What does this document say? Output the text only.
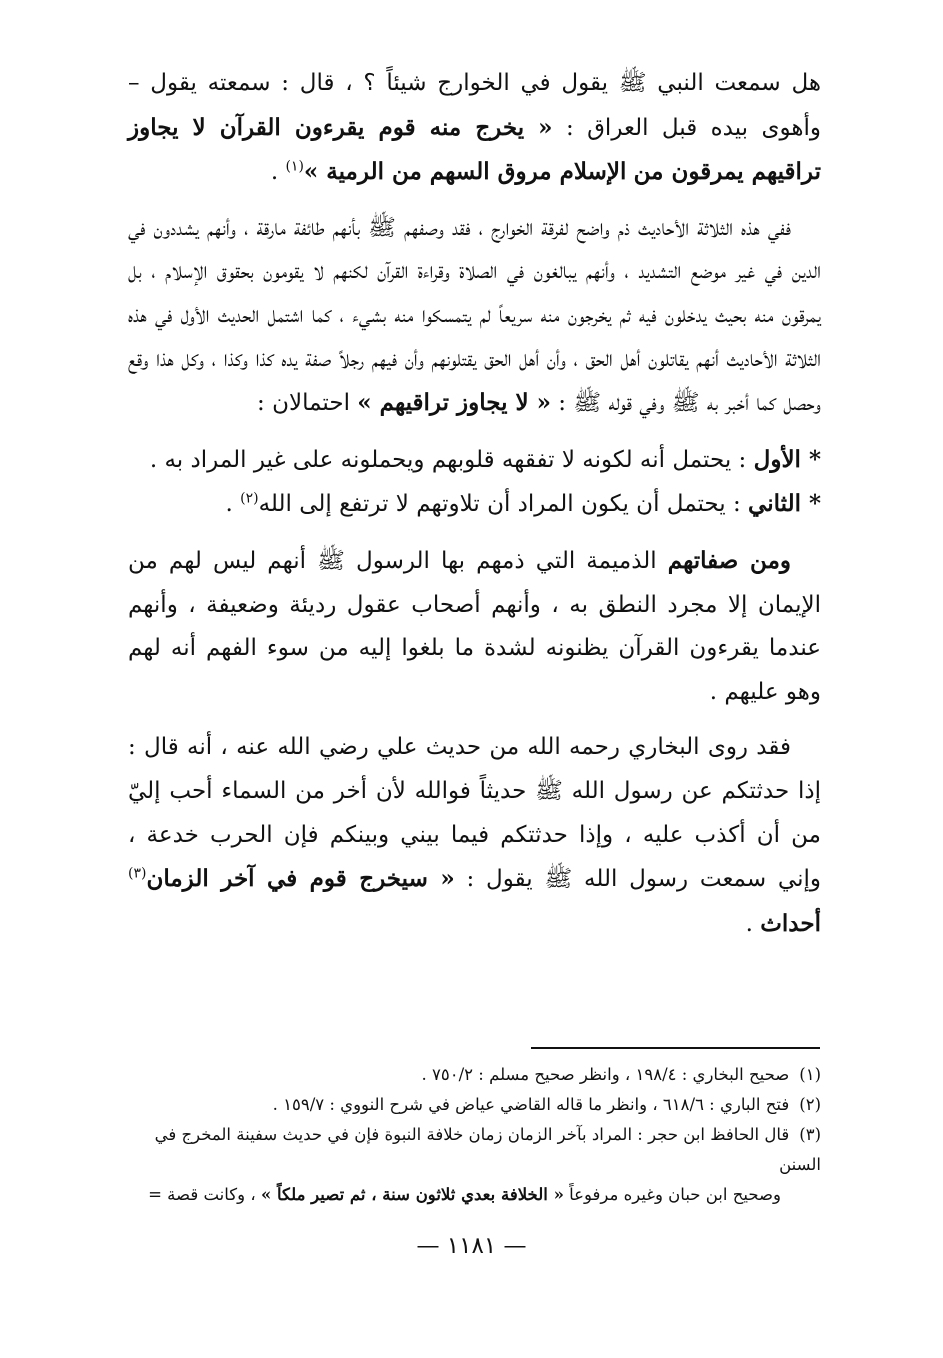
هل سمعت النبي ﷺ يقول في الخوارج شيئاً ؟ ، قال : سمعته يقول – وأهوى بيده قبل العراق : « يخرج منه قوم يقرءون القرآن لا يجاوز تراقيهم يمرقون من الإسلام مروق السهم من الرمية »$^{(١)}$ .

ففي هذه الثلاثة الأحاديث ذم واضح لفرقة الخوارج ، فقد وصفهم ﷺ بأنهم طائفة مارقة ، وأنهم يشددون في الدين في غير موضع التشديد ، وأنهم يبالغون في الصلاة وقراءة القرآن لكنهم لا يقومون بحقوق الإسلام ، بل يمرقون منه بحيث يدخلون فيه ثم يخرجون منه سريعاً لم يتمسكوا منه بشيء ، كما اشتمل الحديث الأول في هذه الثلاثة الأحاديث أنهم يقاتلون أهل الحق ، وأن أهل الحق يقتلونهم وأن فيهم رجلاً صفة يده كذا وكذا ، وكل هذا وقع وحصل كما أخبر به ﷺ وفي قوله ﷺ : « لا يجاوز تراقيهم » احتمالان :

* الأول : يحتمل أنه لكونه لا تفقهه قلوبهم ويحملونه على غير المراد به .

* الثاني : يحتمل أن يكون المراد أن تلاوتهم لا ترتفع إلى الله$^{(٢)}$ .

ومن صفاتهم الذميمة التي ذمهم بها الرسول ﷺ أنهم ليس لهم من الإيمان إلا مجرد النطق به ، وأنهم أصحاب عقول رديئة وضعيفة ، وأنهم عندما يقرءون القرآن يظنونه لشدة ما بلغوا إليه من سوء الفهم أنه لهم وهو عليهم .

فقد روى البخاري رحمه الله من حديث علي رضي الله عنه ، أنه قال : إذا حدثتكم عن رسول الله ﷺ حديثاً فوالله لأن أخر من السماء أحب إليّ من أن أكذب عليه ، وإذا حدثتكم فيما بيني وبينكم فإن الحرب خدعة ، وإني سمعت رسول الله ﷺ يقول : « سيخرج قوم في آخر الزمان$^{(٣)}$ أحداث .

(١)صحيح البخاري : ١٩٨/٤ ، وانظر صحيح مسلم : ٧٥٠/٢ .

(٢)فتح الباري : ٦١٨/٦ ، وانظر ما قاله القاضي عياض في شرح النووي : ١٥٩/٧ .

(٣)قال الحافظ ابن حجر : المراد بآخر الزمان زمان خلافة النبوة فإن في حديث سفينة المخرج في السنن

وصحيح ابن حبان وغيره مرفوعاً « الخلافة بعدي ثلاثون سنة ، ثم تصير ملكاً » ، وكانت قصة =

— ١١٨١ —
